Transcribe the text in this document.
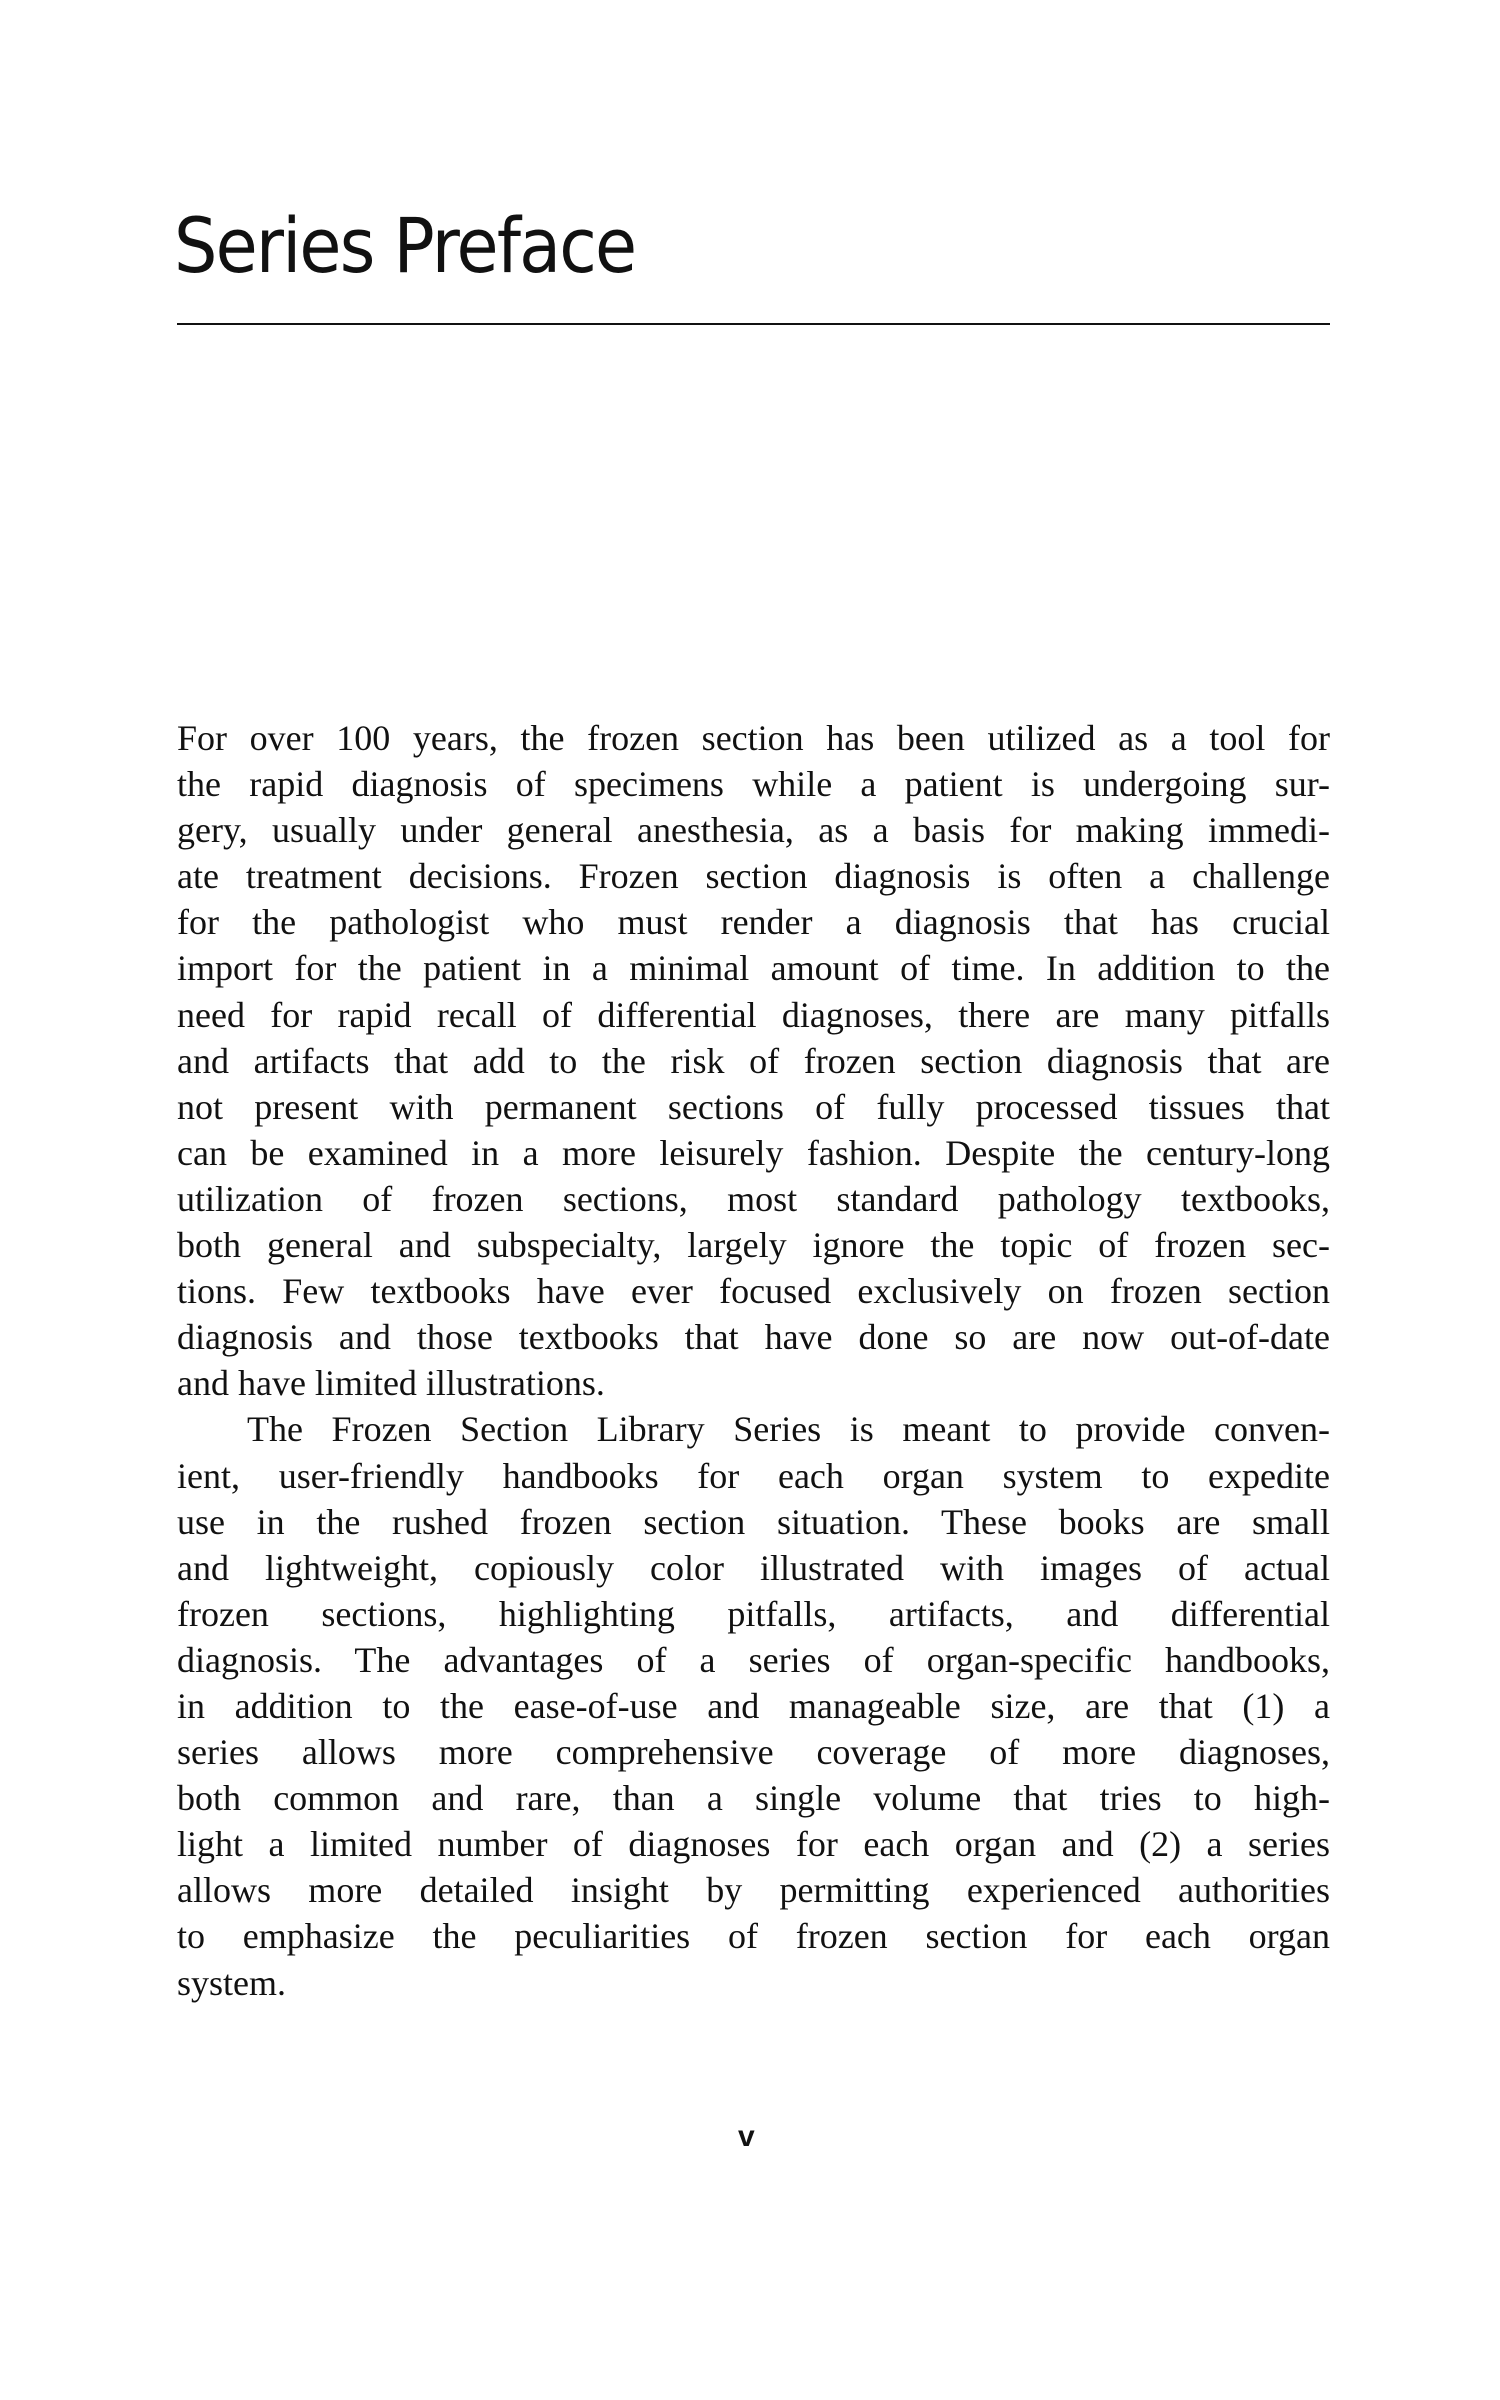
Series Preface
For over 100 years, the frozen section has been utilized as a tool for
the rapid diagnosis of specimens while a patient is undergoing sur-
gery, usually under general anesthesia, as a basis for making immedi-
ate treatment decisions. Frozen section diagnosis is often a challenge
for the pathologist who must render a diagnosis that has crucial
import for the patient in a minimal amount of time. In addition to the
need for rapid recall of differential diagnoses, there are many pitfalls
and artifacts that add to the risk of frozen section diagnosis that are
not present with permanent sections of fully processed tissues that
can be examined in a more leisurely fashion. Despite the century-long
utilization of frozen sections, most standard pathology textbooks,
both general and subspecialty, largely ignore the topic of frozen sec-
tions. Few textbooks have ever focused exclusively on frozen section
diagnosis and those textbooks that have done so are now out-of-date
and have limited illustrations.
The Frozen Section Library Series is meant to provide conven-
ient, user-friendly handbooks for each organ system to expedite
use in the rushed frozen section situation. These books are small
and lightweight, copiously color illustrated with images of actual
frozen sections, highlighting pitfalls, artifacts, and differential
diagnosis. The advantages of a series of organ-specific handbooks,
in addition to the ease-of-use and manageable size, are that (1) a
series allows more comprehensive coverage of more diagnoses,
both common and rare, than a single volume that tries to high-
light a limited number of diagnoses for each organ and (2) a series
allows more detailed insight by permitting experienced authorities
to emphasize the peculiarities of frozen section for each organ
system.
v
